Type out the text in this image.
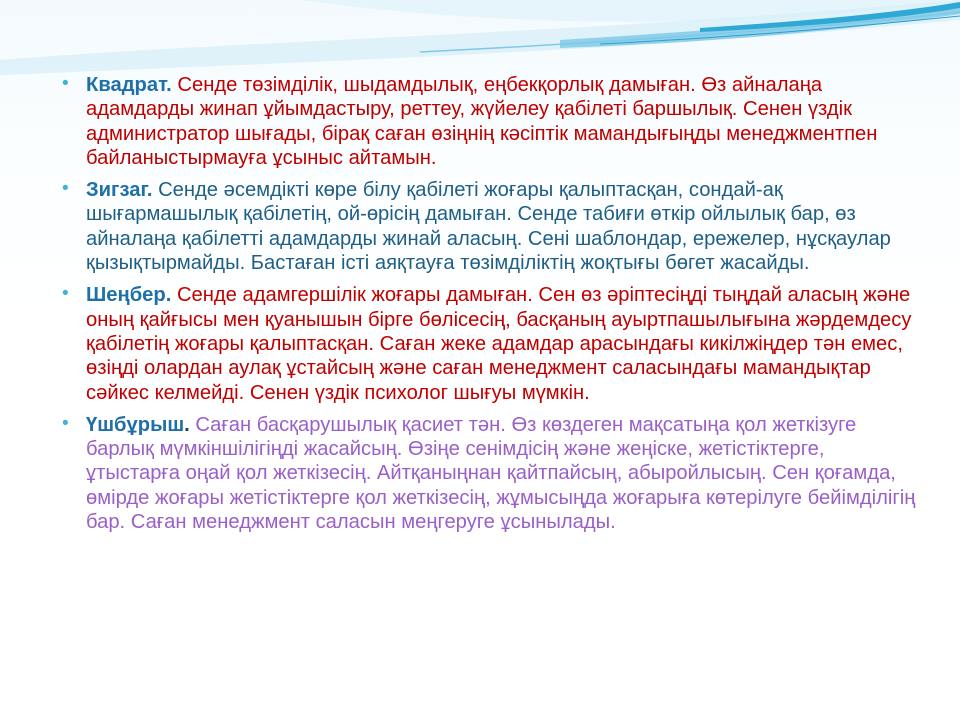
• Квадрат. Сенде төзімділік, шыдамдылық, еңбекқорлық дамыған. Өз айналаңа адамдарды жинап ұйымдастыру, реттеу, жүйелеу қабілеті баршылық. Сенен үздік администратор шығады, бірақ саған өзіңнің кәсіптік мамандығыңды менеджментпен байланыстырмауға ұсыныс айтамын.

• Зигзаг. Сенде әсемдікті көре білу қабілеті жоғары қалыптасқан, сондай-ақ шығармашылық қабілетің, ой-өрісің дамыған. Сенде табиғи өткір ойлылық бар, өз айналаңа қабілетті адамдарды жинай аласың. Сені шаблондар, ережелер, нұсқаулар қызықтырмайды. Бастаған істі аяқтауға төзімділіктің жоқтығы бөгет жасайды.

• Шеңбер. Сенде адамгершілік жоғары дамыған. Сен өз әріптесіңді тыңдай аласың және оның қайғысы мен қуанышын бірге бөлісесің, басқаның ауыртпашылығына жәрдемдесу қабілетің жоғары қалыптасқан. Саған жеке адамдар арасындағы кикілжіңдер тән емес, өзіңді олардан аулақ ұстайсың және саған менеджмент саласындағы мамандықтар сәйкес келмейді. Сенен үздік психолог шығуы мүмкін.

• Үшбұрыш. Саған басқарушылық қасиет тән. Өз көздеген мақсатыңа қол жеткізуге барлық мүмкіншілігіңді жасайсың. Өзіңе сенімдісің және жеңіске, жетістіктерге, ұтыстарға оңай қол жеткізесің. Айтқаныңнан қайтпайсың, абыройлысың. Сен қоғамда, өмірде жоғары жетістіктерге қол жеткізесің, жұмысыңда жоғарыға көтерілуге бейімділігің бар. Саған менеджмент саласын меңгеруге ұсынылады.
